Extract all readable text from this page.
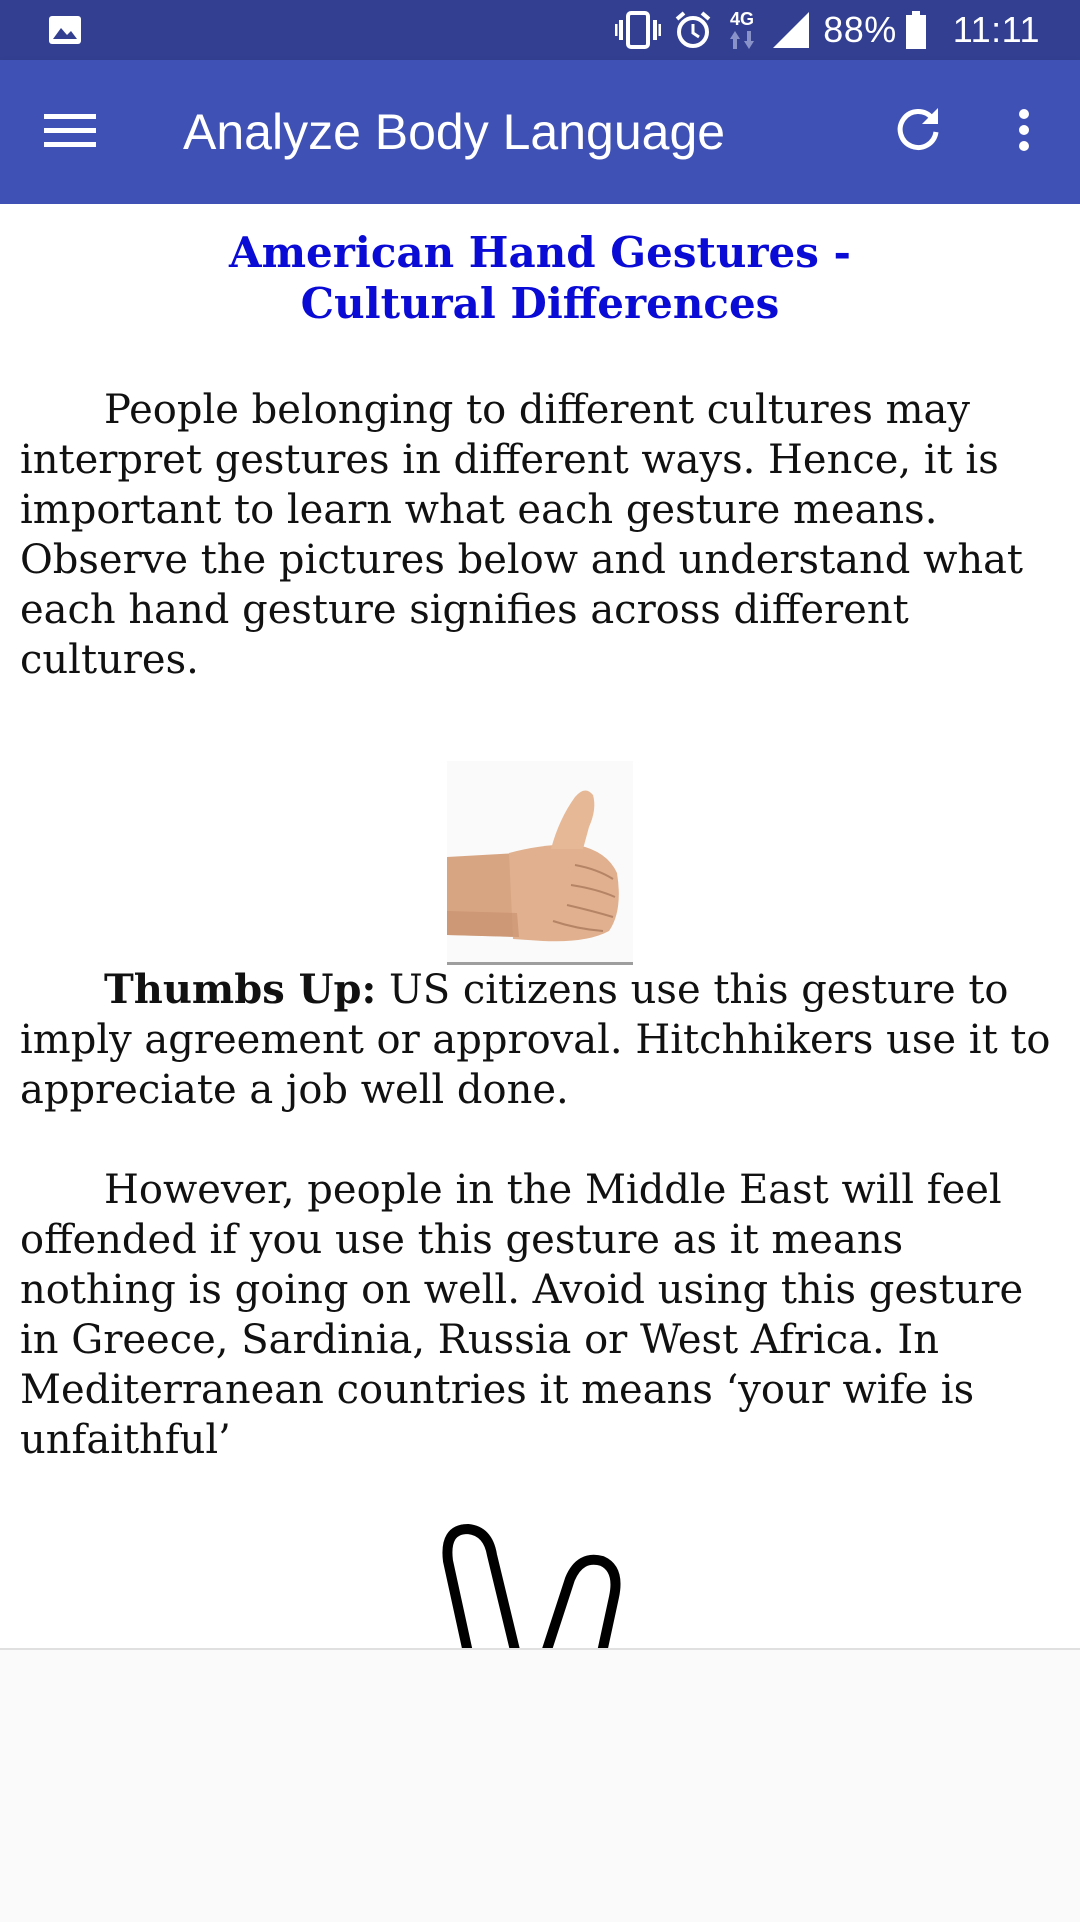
4G 88% 11:11
Analyze Body Language
American Hand Gestures -
Cultural Differences

People belonging to different cultures may interpret gestures in different ways. Hence, it is important to learn what each gesture means. Observe the pictures below and understand what each hand gesture signifies across different cultures.

Thumbs Up: US citizens use this gesture to imply agreement or approval. Hitchhikers use it to appreciate a job well done.

However, people in the Middle East will feel offended if you use this gesture as it means nothing is going on well. Avoid using this gesture in Greece, Sardinia, Russia or West Africa. In Mediterranean countries it means ‘your wife is unfaithful’
